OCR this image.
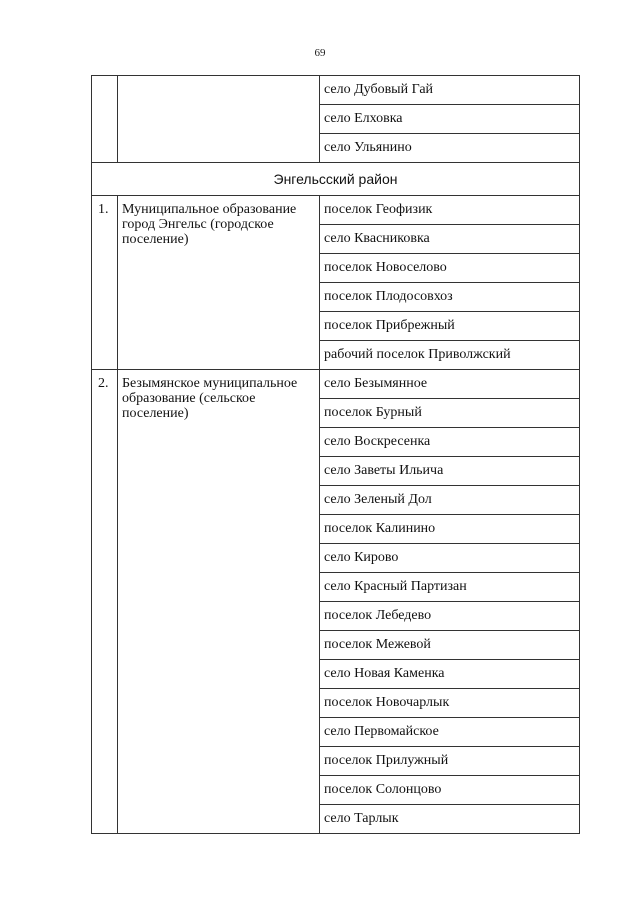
69
		село Дубовый Гай
		село Елховка
		село Ульянино
Энгельсский район		
1.	Муниципальное образование город Энгельс (городское поселение)	поселок Геофизик
		село Квасниковка
		поселок Новоселово
		поселок Плодосовхоз
		поселок Прибрежный
		рабочий поселок Приволжский
2.	Безымянское муниципальное образование (сельское поселение)	село Безымянное
		поселок Бурный
		село Воскресенка
		село Заветы Ильича
		село Зеленый Дол
		поселок Калинино
		село Кирово
		село Красный Партизан
		поселок Лебедево
		поселок Межевой
		село Новая Каменка
		поселок Новочарлык
		село Первомайское
		поселок Прилужный
		поселок Солонцово
		село Тарлык
